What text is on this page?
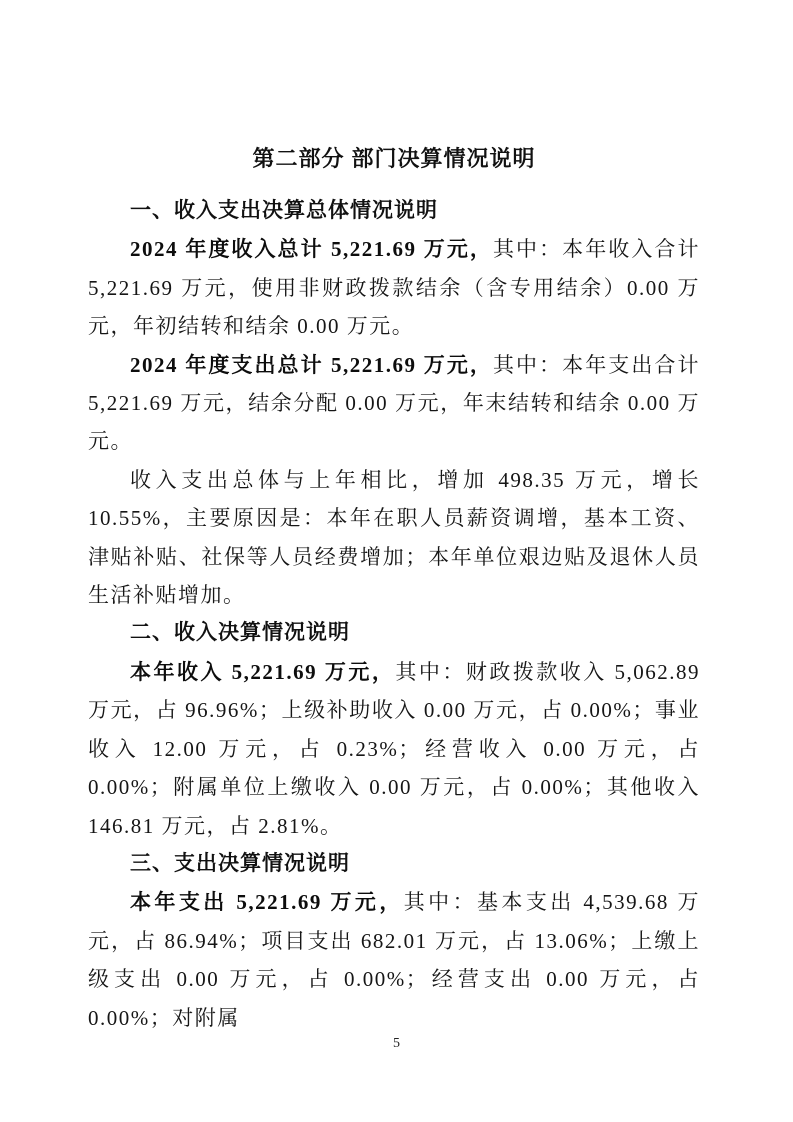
第二部分 部门决算情况说明
一、收入支出决算总体情况说明

2024 年度收入总计 5,221.69 万元，其中：本年收入合计 5,221.69 万元，使用非财政拨款结余（含专用结余）0.00 万元，年初结转和结余 0.00 万元。

2024 年度支出总计 5,221.69 万元，其中：本年支出合计 5,221.69 万元，结余分配 0.00 万元，年末结转和结余 0.00 万元。

收入支出总体与上年相比，增加 498.35 万元，增长 10.55%，主要原因是：本年在职人员薪资调增，基本工资、津贴补贴、社保等人员经费增加；本年单位艰边贴及退休人员生活补贴增加。

二、收入决算情况说明

本年收入 5,221.69 万元，其中：财政拨款收入 5,062.89 万元，占 96.96%；上级补助收入 0.00 万元，占 0.00%；事业收入 12.00 万元，占 0.23%；经营收入 0.00 万元，占 0.00%；附属单位上缴收入 0.00 万元，占 0.00%；其他收入 146.81 万元，占 2.81%。

三、支出决算情况说明

本年支出 5,221.69 万元，其中：基本支出 4,539.68 万元，占 86.94%；项目支出 682.01 万元，占 13.06%；上缴上级支出 0.00 万元，占 0.00%；经营支出 0.00 万元，占 0.00%；对附属

5
